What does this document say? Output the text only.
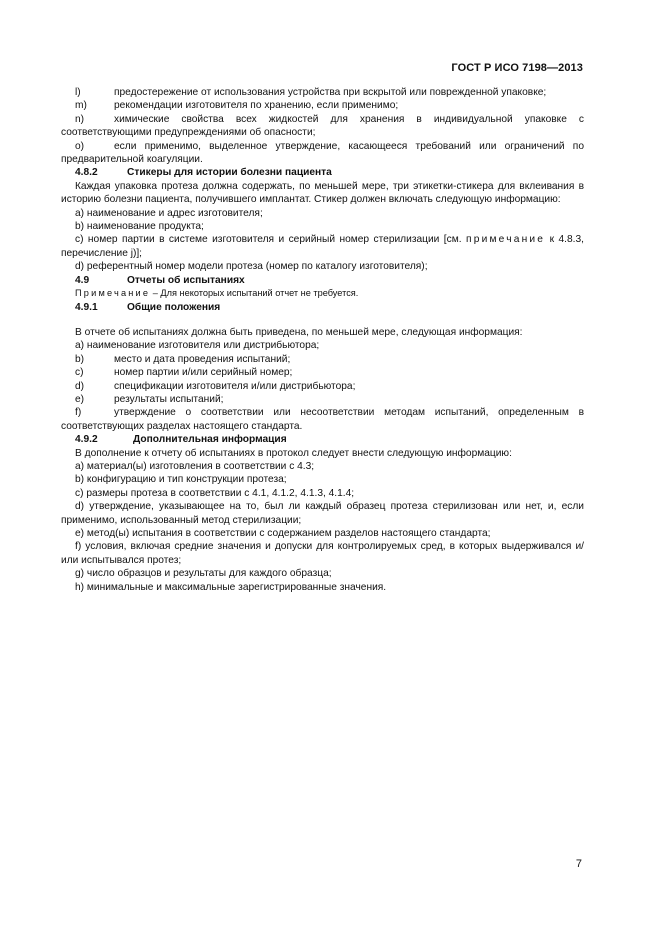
ГОСТ Р ИСО 7198—2013
l)	предостережение от использования устройства при вскрытой или поврежденной упаковке;
m)	рекомендации изготовителя по хранению, если применимо;

n)	химические свойства всех жидкостей для хранения в индивидуальной упаковке с соответствующими предупреждениями об опасности;

o)	если применимо, выделенное утверждение, касающееся требований или ограничений по предварительной коагуляции.

4.8.2	Стикеры для истории болезни пациента

Каждая упаковка протеза должна содержать, по меньшей мере, три этикетки-стикера для вклеивания в историю болезни пациента, получившего имплантат. Стикер должен включать следующую информацию:

a) наименование и адрес изготовителя;

b) наименование продукта;

c) номер партии в системе изготовителя и серийный номер стерилизации [см. примечание к 4.8.3, перечисление j)];

d) референтный номер модели протеза (номер по каталогу изготовителя);

4.9	Отчеты об испытаниях

Примечание – Для некоторых испытаний отчет не требуется.

4.9.1	Общие положения

В отчете об испытаниях должна быть приведена, по меньшей мере, следующая информация:

a) наименование изготовителя или дистрибьютора;

b)	место и дата проведения испытаний;
c)	номер партии и/или серийный номер;
d)	спецификации изготовителя и/или дистрибьютора;
e)	результаты испытаний;

f)	утверждение о соответствии или несоответствии методам испытаний, определенным в соответствующих разделах настоящего стандарта.

4.9.2	Дополнительная информация

В дополнение к отчету об испытаниях в протокол следует внести следующую информацию:

a) материал(ы) изготовления в соответствии с 4.3;

b) конфигурацию и тип конструкции протеза;

c) размеры протеза в соответствии с 4.1, 4.1.2, 4.1.3, 4.1.4;

d) утверждение, указывающее на то, был ли каждый образец протеза стерилизован или нет, и, если применимо, использованный метод стерилизации;

e) метод(ы) испытания в соответствии с содержанием разделов настоящего стандарта;

f) условия, включая средние значения и допуски для контролируемых сред, в которых выдерживался и/или испытывался протез;

g) число образцов и результаты для каждого образца;

h) минимальные и максимальные зарегистрированные значения.

7
